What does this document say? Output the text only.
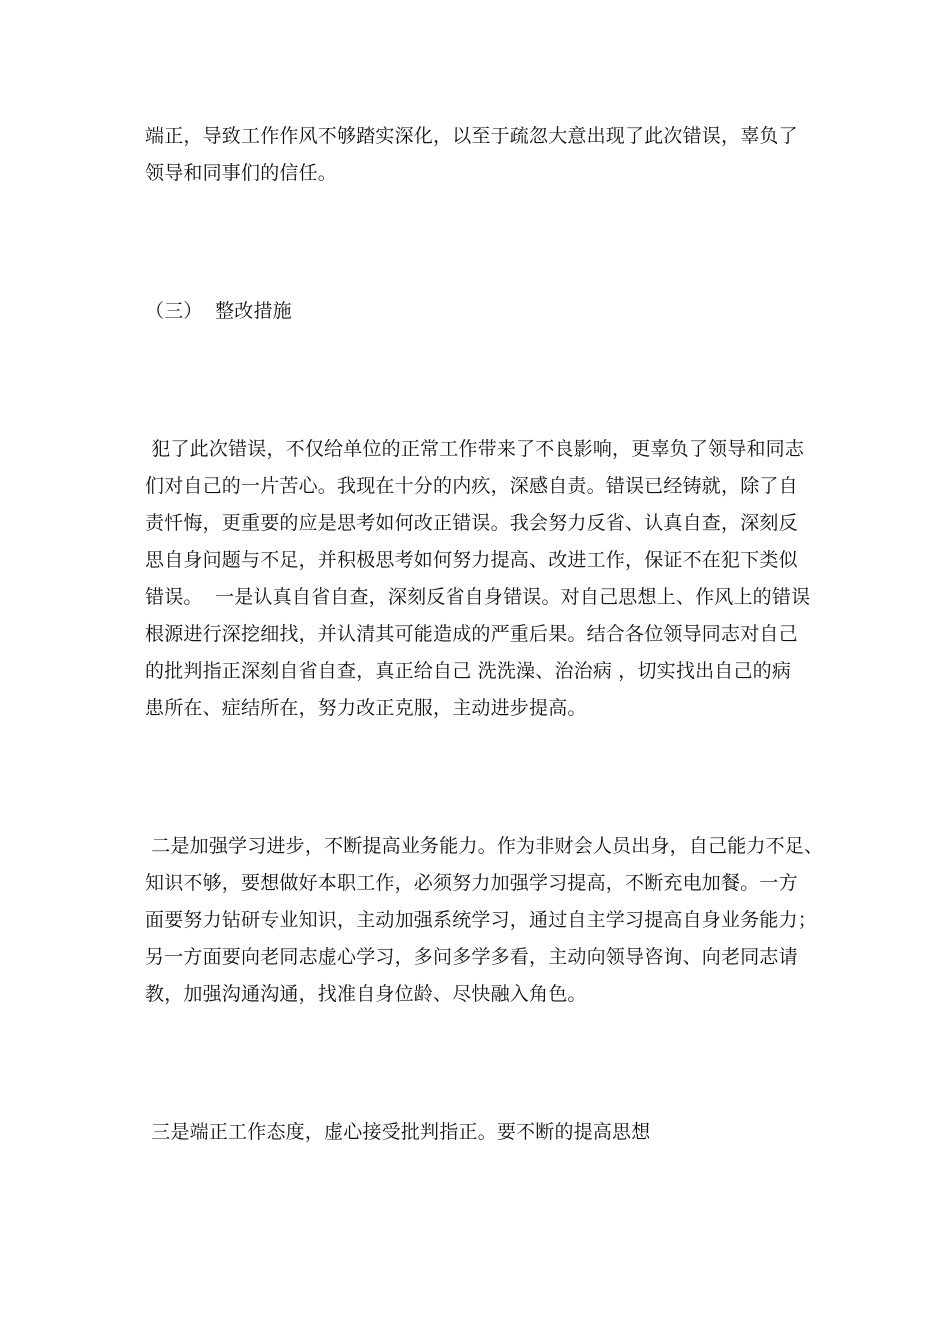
端正，导致工作作风不够踏实深化，以至于疏忽大意出现了此次错误，辜负了
领导和同事们的信任。
（三）  整改措施
犯了此次错误，不仅给单位的正常工作带来了不良影响，更辜负了领导和同志
们对自己的一片苦心。我现在十分的内疚，深感自责。错误已经铸就，除了自
责忏悔，更重要的应是思考如何改正错误。我会努力反省、认真自查，深刻反
思自身问题与不足，并积极思考如何努力提高、改进工作，保证不在犯下类似
错误。  一是认真自省自查，深刻反省自身错误。对自己思想上、作风上的错误
根源进行深挖细找，并认清其可能造成的严重后果。结合各位领导同志对自己
的批判指正深刻自省自查，真正给自己 洗洗澡、治治病 ，切实找出自己的病
患所在、症结所在，努力改正克服，主动进步提高。
二是加强学习进步，不断提高业务能力。作为非财会人员出身，自己能力不足、
知识不够，要想做好本职工作，必须努力加强学习提高，不断充电加餐。一方
面要努力钻研专业知识，主动加强系统学习，通过自主学习提高自身业务能力；
另一方面要向老同志虚心学习，多问多学多看，主动向领导咨询、向老同志请
教，加强沟通沟通，找准自身位龄、尽快融入角色。
三是端正工作态度，虚心接受批判指正。要不断的提高思想
